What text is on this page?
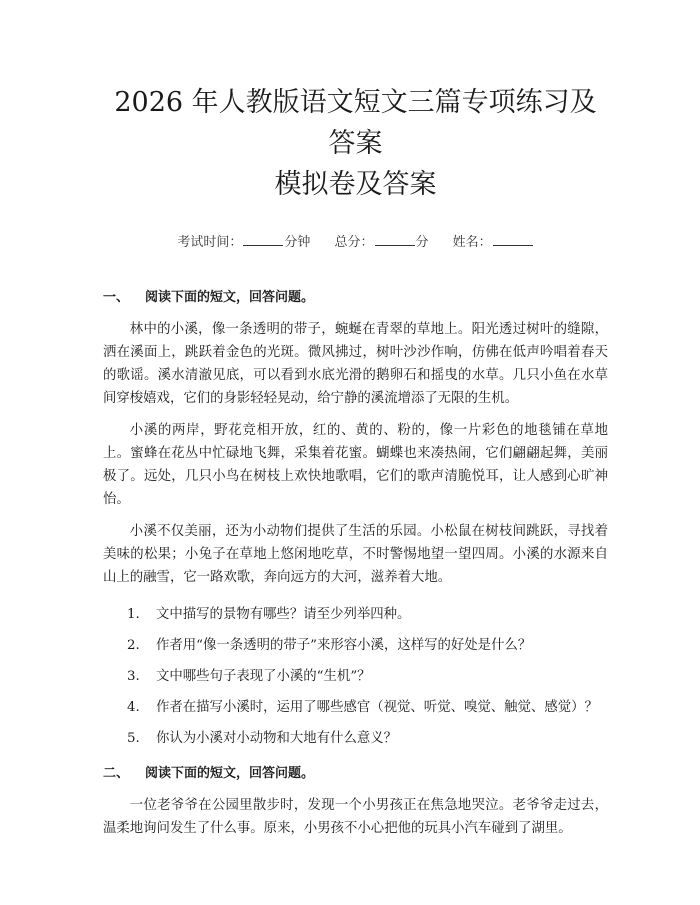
2026 年人教版语文短文三篇专项练习及答案
模拟卷及答案
考试时间：	分钟 总分：	分 姓名：
一、 阅读下面的短文，回答问题。

林中的小溪，像一条透明的带子，蜿蜒在青翠的草地上。阳光透过树叶的缝隙，洒在溪面上，跳跃着金色的光斑。微风拂过，树叶沙沙作响，仿佛在低声吟唱着春天的歌谣。溪水清澈见底，可以看到水底光滑的鹅卵石和摇曳的水草。几只小鱼在水草间穿梭嬉戏，它们的身影轻轻晃动，给宁静的溪流增添了无限的生机。

小溪的两岸，野花竞相开放，红的、黄的、粉的，像一片彩色的地毯铺在草地上。蜜蜂在花丛中忙碌地飞舞，采集着花蜜。蝴蝶也来凑热闹，它们翩翩起舞，美丽极了。远处，几只小鸟在树枝上欢快地歌唱，它们的歌声清脆悦耳，让人感到心旷神怡。

小溪不仅美丽，还为小动物们提供了生活的乐园。小松鼠在树枝间跳跃，寻找着美味的松果；小兔子在草地上悠闲地吃草，不时警惕地望一望四周。小溪的水源来自山上的融雪，它一路欢歌，奔向远方的大河，滋养着大地。

1. 文中描写的景物有哪些？请至少列举四种。
2. 作者用“像一条透明的带子”来形容小溪，这样写的好处是什么？
3. 文中哪些句子表现了小溪的“生机”？
4. 作者在描写小溪时，运用了哪些感官（视觉、听觉、嗅觉、触觉、感觉）？
5. 你认为小溪对小动物和大地有什么意义？
二、 阅读下面的短文，回答问题。

一位老爷爷在公园里散步时，发现一个小男孩正在焦急地哭泣。老爷爷走过去，温柔地询问发生了什么事。原来，小男孩不小心把他的玩具小汽车碰到了湖里。
